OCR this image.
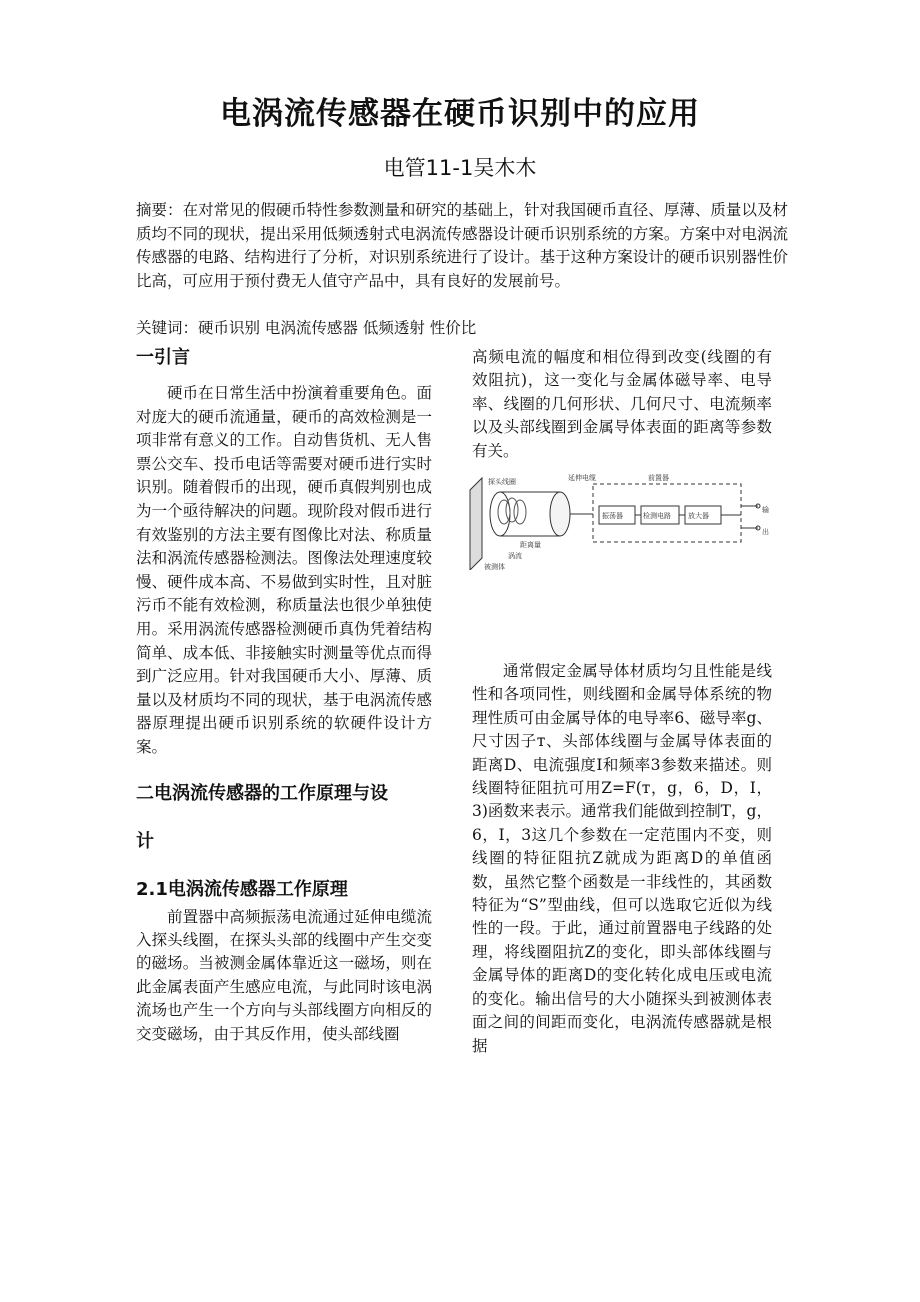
电涡流传感器在硬币识别中的应用
电管11-1吴木木

摘要：在对常见的假硬币特性参数测量和研究的基础上，针对我国硬币直径、厚薄、质量以及材质均不同的现状，提出采用低频透射式电涡流传感器设计硬币识别系统的方案。方案中对电涡流传感器的电路、结构进行了分析，对识别系统进行了设计。基于这种方案设计的硬币识别器性价比高，可应用于预付费无人值守产品中，具有良好的发展前号。

关键词：硬币识别 电涡流传感器 低频透射 性价比
一引言

硬币在日常生活中扮演着重要角色。面对庞大的硬币流通量，硬币的高效检测是一项非常有意义的工作。自动售货机、无人售票公交车、投币电话等需要对硬币进行实时识别。随着假币的出现，硬币真假判别也成为一个亟待解决的问题。现阶段对假币进行有效鉴别的方法主要有图像比对法、称质量法和涡流传感器检测法。图像法处理速度较慢、硬件成本高、不易做到实时性，且对脏污币不能有效检测，称质量法也很少单独使用。采用涡流传感器检测硬币真伪凭着结构简单、成本低、非接触实时测量等优点而得到广泛应用。针对我国硬币大小、厚薄、质量以及材质均不同的现状，基于电涡流传感器原理提出硬币识别系统的软硬件设计方案。

二电涡流传感器的工作原理与设
计
2.1电涡流传感器工作原理

前置器中高频振荡电流通过延伸电缆流入探头线圈，在探头头部的线圈中产生交变的磁场。当被测金属体靠近这一磁场，则在此金属表面产生感应电流，与此同时该电涡流场也产生一个方向与头部线圈方向相反的交变磁场，由于其反作用，使头部线圈

高频电流的幅度和相位得到改变(线圈的有效阻抗)，这一变化与金属体磁导率、电导率、线圈的几何形状、几何尺寸、电流频率以及头部线圈到金属导体表面的距离等参数有关。

探头线圈	延伸电缆	前置器
振荡器	检测电路 放大器
输
出
距离量
涡流
被测体

通常假定金属导体材质均匀且性能是线性和各项同性，则线圈和金属导体系统的物理性质可由金属导体的电导率6、磁导率g、尺寸因子т、头部体线圈与金属导体表面的距离D、电流强度I和频率3参数来描述。则线圈特征阻抗可用Z=F(т，g，6，D，I，3)函数来表示。通常我们能做到控制Т，g，6，I，3这几个参数在一定范围内不变，则线圈的特征阻抗Z就成为距离D的单值函数，虽然它整个函数是一非线性的，其函数特征为“S”型曲线，但可以选取它近似为线性的一段。于此，通过前置器电子线路的处理，将线圈阻抗Z的变化，即头部体线圈与金属导体的距离D的变化转化成电压或电流的变化。输出信号的大小随探头到被测体表面之间的间距而变化，电涡流传感器就是根据
